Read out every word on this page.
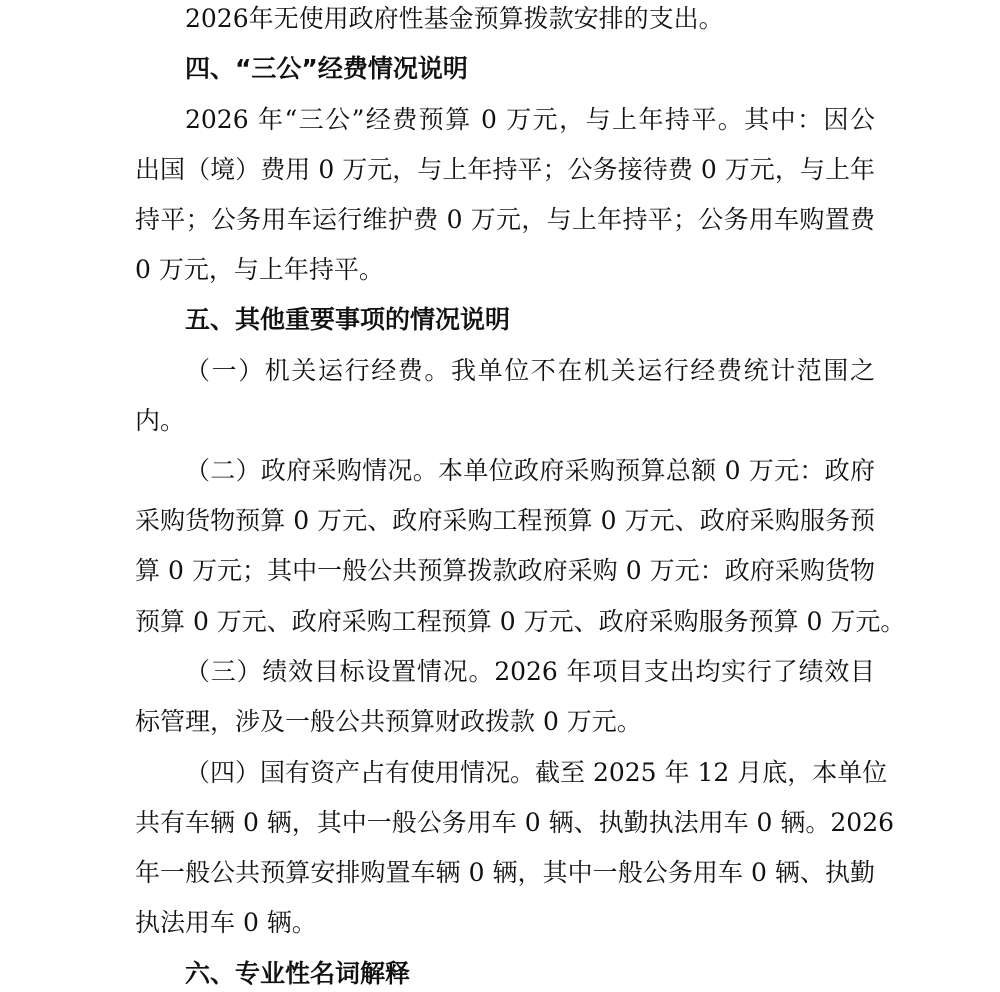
2026年无使用政府性基金预算拨款安排的支出。
四、“三公”经费情况说明
2026 年“三公”经费预算 0 万元，与上年持平。其中：因公
出国（境）费用 0 万元，与上年持平；公务接待费 0 万元，与上年
持平；公务用车运行维护费 0 万元，与上年持平；公务用车购置费
0 万元，与上年持平。
五、其他重要事项的情况说明
（一）机关运行经费。我单位不在机关运行经费统计范围之
内。
（二）政府采购情况。本单位政府采购预算总额 0 万元：政府
采购货物预算 0 万元、政府采购工程预算 0 万元、政府采购服务预
算 0 万元；其中一般公共预算拨款政府采购 0 万元：政府采购货物
预算 0 万元、政府采购工程预算 0 万元、政府采购服务预算 0 万元。
（三）绩效目标设置情况。2026 年项目支出均实行了绩效目
标管理，涉及一般公共预算财政拨款 0 万元。
（四）国有资产占有使用情况。截至 2025 年 12 月底，本单位
共有车辆 0 辆，其中一般公务用车 0 辆、执勤执法用车 0 辆。2026
年一般公共预算安排购置车辆 0 辆，其中一般公务用车 0 辆、执勤
执法用车 0 辆。
六、专业性名词解释
